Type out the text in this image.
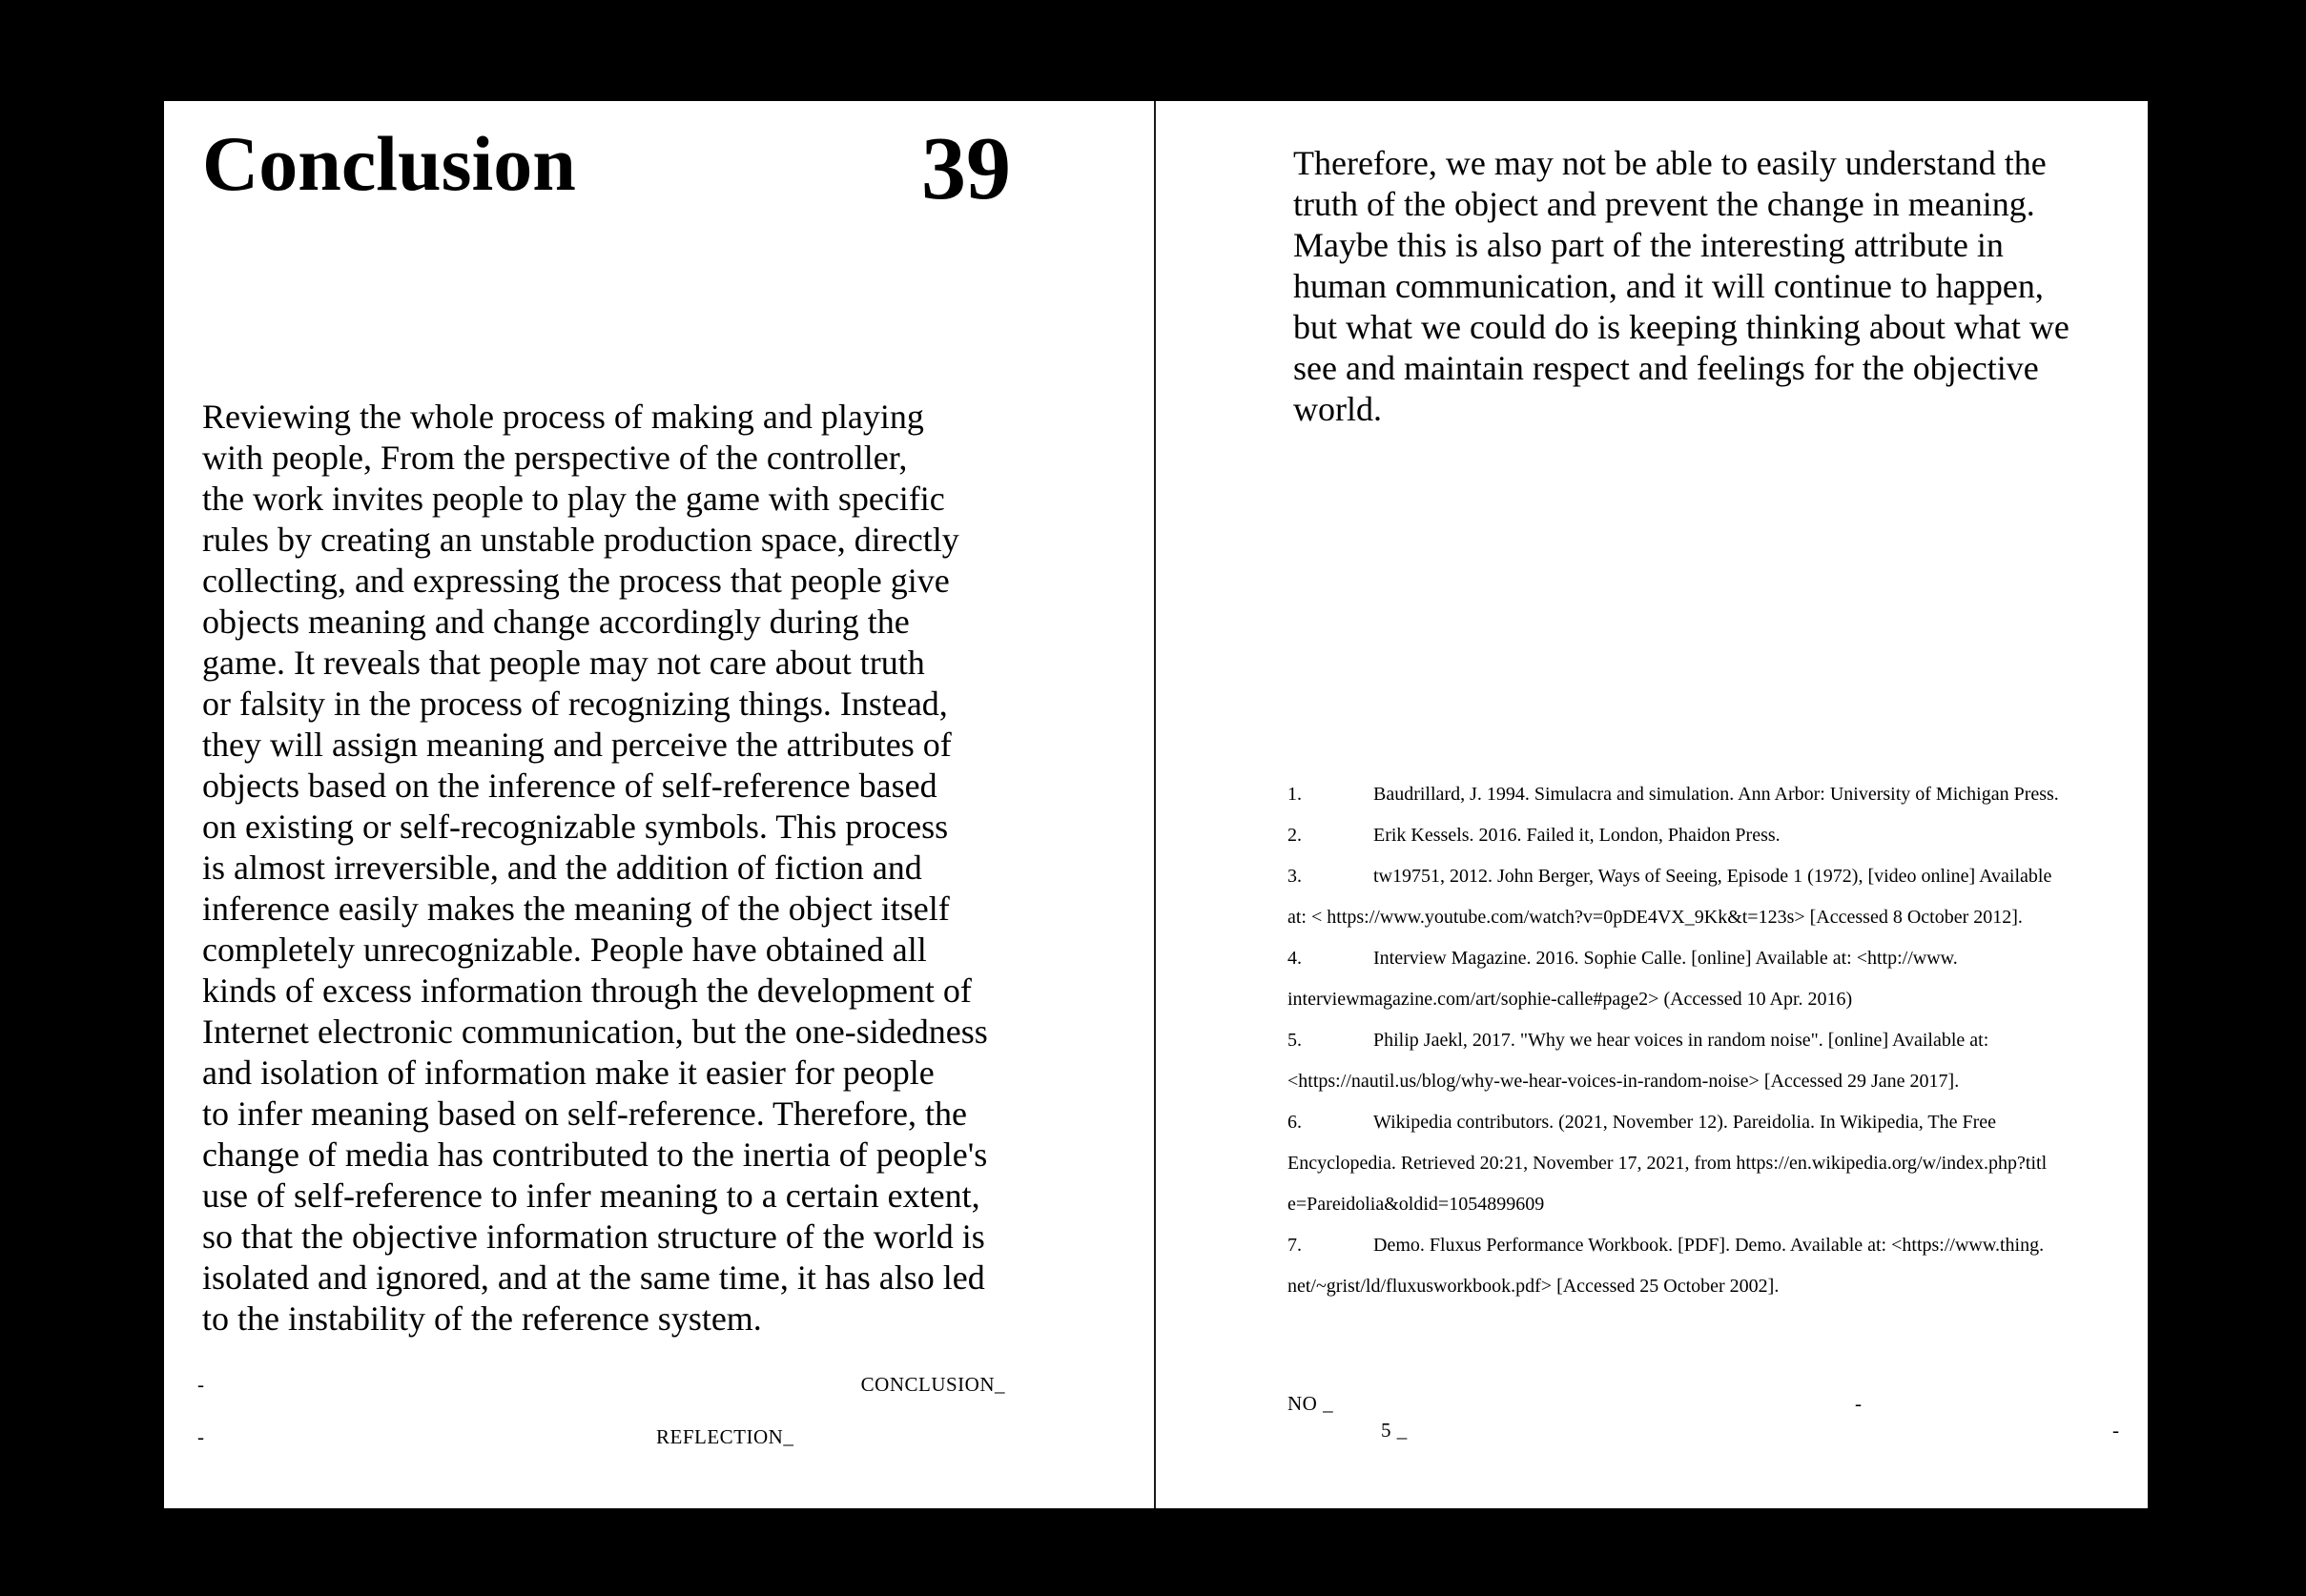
Conclusion	39
Reviewing the whole process of making and playing
with people, From the perspective of the controller,
the work invites people to play the game with specific
rules by creating an unstable production space, directly
collecting, and expressing the process that people give
objects meaning and change accordingly during the
game. It reveals that people may not care about truth
or falsity in the process of recognizing things. Instead,
they will assign meaning and perceive the attributes of
objects based on the inference of self-reference based
on existing or self-recognizable symbols. This process
is almost irreversible, and the addition of fiction and
inference easily makes the meaning of the object itself
completely unrecognizable. People have obtained all
kinds of excess information through the development of
Internet electronic communication, but the one-sidedness
and isolation of information make it easier for people
to infer meaning based on self-reference. Therefore, the
change of media has contributed to the inertia of people's
use of self-reference to infer meaning to a certain extent,
so that the objective information structure of the world is
isolated and ignored, and at the same time, it has also led
to the instability of the reference system.
-	CONCLUSION_
-	REFLECTION_
Therefore, we may not be able to easily understand the
truth of the object and prevent the change in meaning.
Maybe this is also part of the interesting attribute in
human communication, and it will continue to happen,
but what we could do is keeping thinking about what we
see and maintain respect and feelings for the objective
world.
1.	Baudrillard, J. 1994. Simulacra and simulation. Ann Arbor: University of Michigan Press.
2.	Erik Kessels. 2016. Failed it, London, Phaidon Press.
3.	tw19751, 2012. John Berger, Ways of Seeing, Episode 1 (1972), [video online] Available
at: < https://www.youtube.com/watch?v=0pDE4VX_9Kk&t=123s> [Accessed 8 October 2012].
4.	Interview Magazine. 2016. Sophie Calle. [online] Available at: <http://www.
interviewmagazine.com/art/sophie-calle#page2> (Accessed 10 Apr. 2016)
5.	Philip Jaekl, 2017. "Why we hear voices in random noise". [online] Available at:
<https://nautil.us/blog/why-we-hear-voices-in-random-noise> [Accessed 29 Jane 2017].
6.	Wikipedia contributors. (2021, November 12). Pareidolia. In Wikipedia, The Free
Encyclopedia. Retrieved 20:21, November 17, 2021, from https://en.wikipedia.org/w/index.php?titl
e=Pareidolia&oldid=1054899609
7.	Demo. Fluxus Performance Workbook. [PDF]. Demo. Available at: <https://www.thing.
net/~grist/ld/fluxusworkbook.pdf> [Accessed 25 October 2002].
NO _	-
5 _	-
